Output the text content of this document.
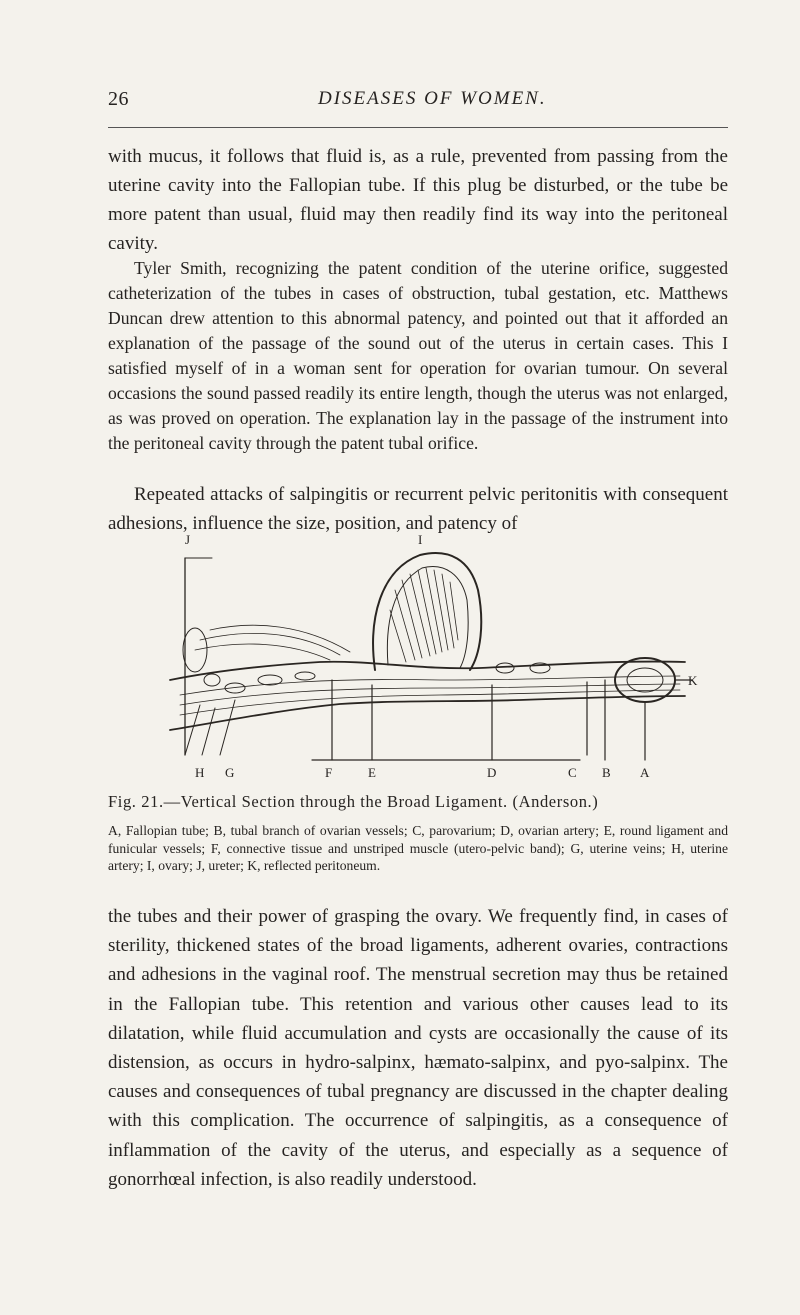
26	DISEASES OF WOMEN.

with mucus, it follows that fluid is, as a rule, prevented from passing from the uterine cavity into the Fallopian tube. If this plug be disturbed, or the tube be more patent than usual, fluid may then readily find its way into the peritoneal cavity.

Tyler Smith, recognizing the patent condition of the uterine orifice, suggested catheterization of the tubes in cases of obstruction, tubal gestation, etc. Matthews Duncan drew attention to this abnormal patency, and pointed out that it afforded an explanation of the passage of the sound out of the uterus in certain cases. This I satisfied myself of in a woman sent for operation for ovarian tumour. On several occasions the sound passed readily its entire length, though the uterus was not enlarged, as was proved on operation. The explanation lay in the passage of the instrument into the peritoneal cavity through the patent tubal orifice.

Repeated attacks of salpingitis or recurrent pelvic peritonitis with consequent adhesions, influence the size, position, and patency of

J	I
K
H G	F	E	D	C B A
Fig. 21.—Vertical Section through the Broad Ligament. (Anderson.)

A, Fallopian tube; B, tubal branch of ovarian vessels; C, parovarium; D, ovarian artery; E, round ligament and funicular vessels; F, connective tissue and unstriped muscle (utero-pelvic band); G, uterine veins; H, uterine artery; I, ovary; J, ureter; K, reflected peritoneum.

the tubes and their power of grasping the ovary. We frequently find, in cases of sterility, thickened states of the broad ligaments, adherent ovaries, contractions and adhesions in the vaginal roof. The menstrual secretion may thus be retained in the Fallopian tube. This retention and various other causes lead to its dilatation, while fluid accumulation and cysts are occasionally the cause of its distension, as occurs in hydro-salpinx, hæmato-salpinx, and pyo-salpinx. The causes and consequences of tubal pregnancy are discussed in the chapter dealing with this complication. The occurrence of salpingitis, as a consequence of inflammation of the cavity of the uterus, and especially as a sequence of gonorrhœal infection, is also readily understood.
